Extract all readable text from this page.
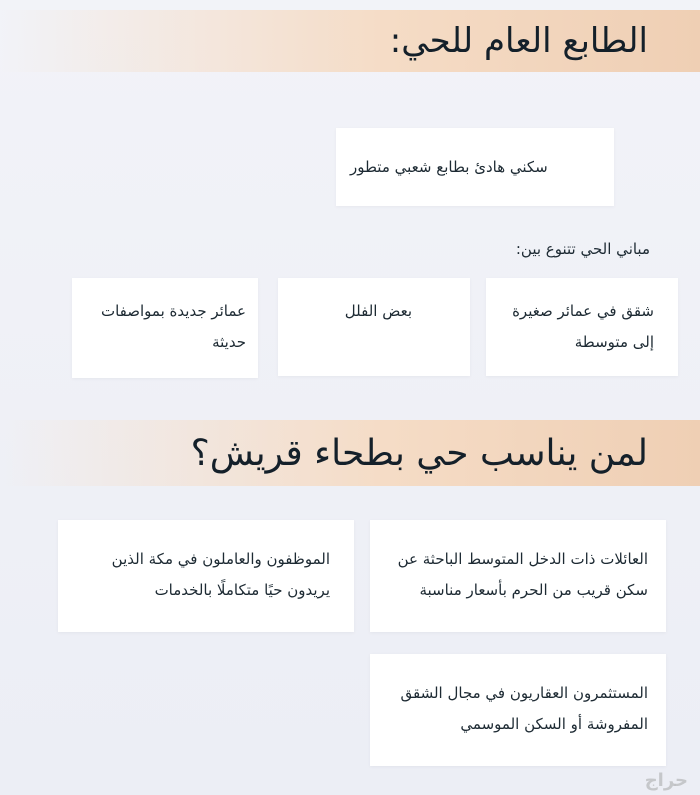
الطابع العام للحي:

سكني هادئ بطابع شعبي متطور

مباني الحي تتنوع بين:

شقق في عمائر صغيرة

إلى متوسطة

بعض الفلل

عمائر جديدة بمواصفات

حديثة

لمن يناسب حي بطحاء قريش؟

العائلات ذات الدخل المتوسط الباحثة عن

سكن قريب من الحرم بأسعار مناسبة

الموظفون والعاملون في مكة الذين

يريدون حيًا متكاملًا بالخدمات

المستثمرون العقاريون في مجال الشقق

المفروشة أو السكن الموسمي

حراج
